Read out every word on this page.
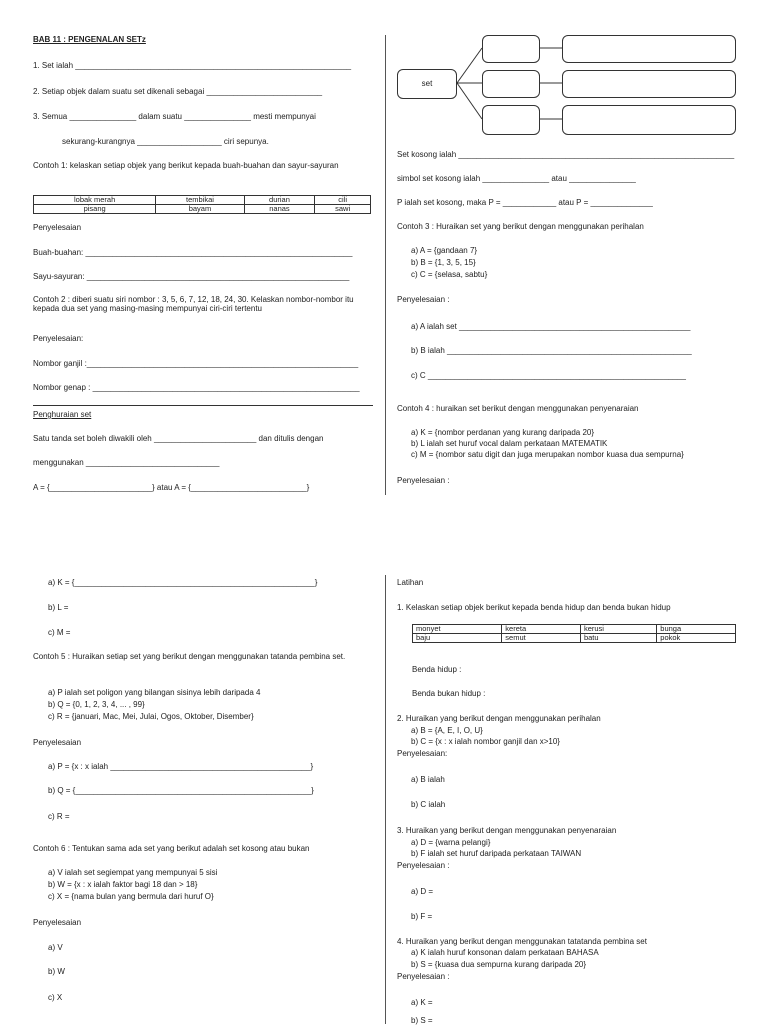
BAB 11 : PENGENALAN SETz
1. Set ialah ______________________________________________________________
2. Setiap objek dalam suatu set dikenali sebagai __________________________
3. Semua _______________ dalam suatu _______________ mesti mempunyai
sekurang-kurangnya ___________________ ciri sepunya.
Contoh 1: kelaskan setiap objek yang berikut kepada buah-buahan dan sayur-sayuran
lobak merah	tembikai	durian	cili
pisang	bayam	nanas	sawi
Penyelesaian
Buah-buahan: ____________________________________________________________
Sayu-sayuran: ___________________________________________________________
Contoh 2 : diberi suatu siri nombor : 3, 5, 6, 7, 12, 18, 24, 30. Kelaskan nombor-nombor itu kepada dua set yang masing-masing mempunyai ciri-ciri tertentu
Penyelesaian:
Nombor ganjil :_____________________________________________________________
Nombor genap : ____________________________________________________________
Penghuraian set
Satu tanda set boleh diwakili oleh _______________________ dan ditulis dengan
menggunakan ______________________________
A = {_______________________} atau A = {__________________________}
set
Set kosong ialah ______________________________________________________________
simbol set kosong ialah _______________ atau _______________
P ialah set kosong, maka P = ____________ atau P = ______________
Contoh 3 : Huraikan set yang berikut dengan menggunakan perihalan
a) A = {gandaan 7}
b) B = {1, 3, 5, 15}
c) C = {selasa, sabtu}
Penyelesaian :
a) A ialah set ____________________________________________________
b) B ialah _______________________________________________________
c) C __________________________________________________________
Contoh 4 : huraikan set berikut dengan menggunakan penyenaraian
a) K = {nombor perdanan yang kurang daripada 20}
b) L ialah set huruf vocal dalam perkataan MATEMATIK
c) M = {nombor satu digit dan juga merupakan nombor kuasa dua sempurna}
Penyelesaian :
a) K = {______________________________________________________}
b) L =
c) M =
Contoh 5 : Huraikan setiap set yang berikut dengan menggunakan tatanda pembina set.
a) P ialah set poligon yang bilangan sisinya lebih daripada 4
b) Q = {0, 1, 2, 3, 4, ... , 99}
c) R = {januari, Mac, Mei, Julai, Ogos, Oktober, Disember}
Penyelesaian
a) P = {x : x ialah _____________________________________________}
b) Q = {_____________________________________________________}
c) R =
Contoh 6 : Tentukan sama ada set yang berikut adalah set kosong atau bukan
a) V ialah set segiempat yang mempunyai 5 sisi
b) W = {x : x ialah faktor bagi 18 dan > 18}
c) X = {nama bulan yang bermula dari huruf O}
Penyelesaian
a) V
b) W
c) X
Latihan
1. Kelaskan setiap objek berikut kepada benda hidup dan benda bukan hidup
monyet	kereta	kerusi	bunga
baju	semut	batu	pokok
Benda hidup :
Benda bukan hidup :
2. Huraikan yang berikut dengan menggunakan perihalan
a) B = {A, E, I, O, U}
b) C = {x : x ialah nombor ganjil dan x>10}
Penyelesaian:
a) B ialah
b) C ialah
3. Huraikan yang berikut dengan menggunakan penyenaraian
a) D = {warna pelangi}
b) F ialah set huruf daripada perkataan TAIWAN
Penyelesaian :
a) D =
b) F =
4. Huraikan yang berikut dengan menggunakan tatatanda pembina set
a) K ialah huruf konsonan dalam perkataan BAHASA
b) S = {kuasa dua sempurna kurang daripada 20}
Penyelesaian :
a) K =
b) S =
